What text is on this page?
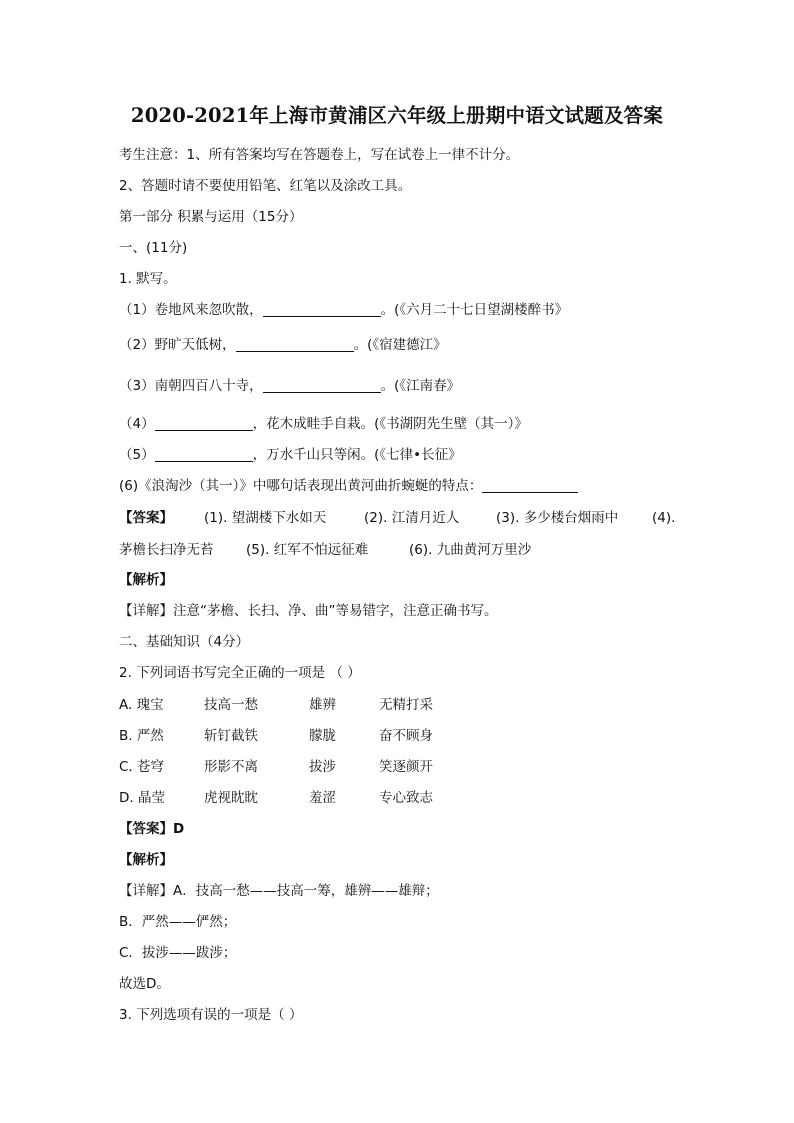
2020-2021年上海市黄浦区六年级上册期中语文试题及答案
考生注意：1、所有答案均写在答题卷上，写在试卷上一律不计分。
2、答题时请不要使用铅笔、红笔以及涂改工具。
第一部分 积累与运用（15分）
一、(11分)
1. 默写。
（1）卷地风来忽吹散，	。(《六月二十七日望湖楼醉书》
（2）野旷天低树，	。(《宿建德江》
（3）南朝四百八十寺，	。(《江南春》
（4）	，花木成畦手自栽。(《书湖阴先生壁（其一）》
（5）	，万水千山只等闲。(《七律•长征》
(6)《浪淘沙（其一）》中哪句话表现出黄河曲折蜿蜒的特点：
【答案】 (1). 望湖楼下水如天	(2). 江清月近人	(3). 多少楼台烟雨中	(4).
茅檐长扫净无苔 (5). 红军不怕远征难	(6). 九曲黄河万里沙
【解析】
【详解】注意“茅檐、长扫、净、曲”等易错字，注意正确书写。
二、基础知识（4分）
2. 下列词语书写完全正确的一项是 （ ）
A. 瑰宝	技高一愁	雄辨	无精打采
B. 严然	斩钉截铁	朦胧	奋不顾身
C. 苍穹	形影不离	拔涉	笑逐颜开
D. 晶莹	虎视眈眈	羞涩	专心致志
【答案】D
【解析】
【详解】A．技高一愁——技高一筹，雄辨——雄辩；
B．严然——俨然；
C．拔涉——跋涉；
故选D。
3. 下列选项有误的一项是（ ）
